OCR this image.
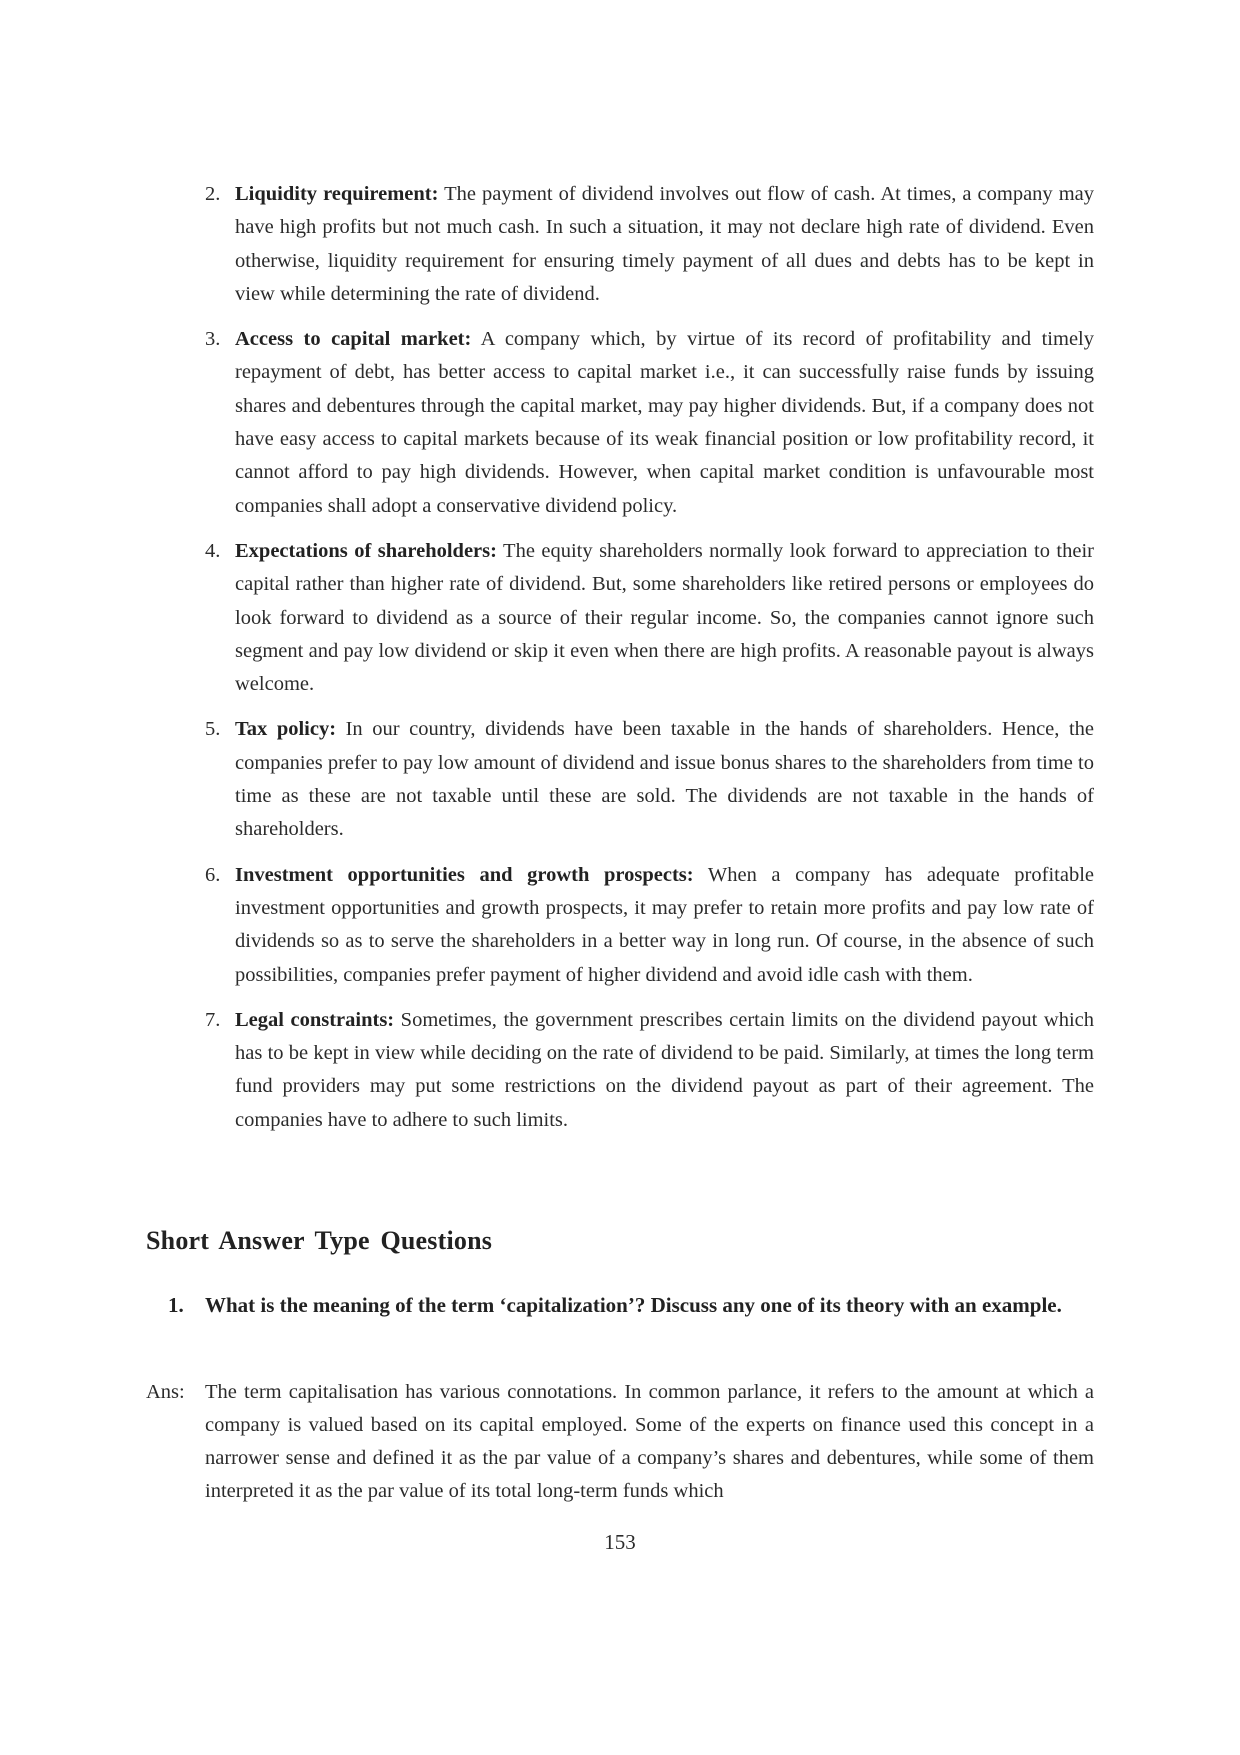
2. Liquidity requirement: The payment of dividend involves out flow of cash. At times, a company may have high profits but not much cash. In such a situation, it may not declare high rate of dividend. Even otherwise, liquidity requirement for ensuring timely payment of all dues and debts has to be kept in view while determining the rate of dividend.
3. Access to capital market: A company which, by virtue of its record of profitability and timely repayment of debt, has better access to capital market i.e., it can successfully raise funds by issuing shares and debentures through the capital market, may pay higher dividends. But, if a company does not have easy access to capital markets because of its weak financial position or low profitability record, it cannot afford to pay high dividends. However, when capital market condition is unfavourable most companies shall adopt a conservative dividend policy.
4. Expectations of shareholders: The equity shareholders normally look forward to appreciation to their capital rather than higher rate of dividend. But, some shareholders like retired persons or employees do look forward to dividend as a source of their regular income. So, the companies cannot ignore such segment and pay low dividend or skip it even when there are high profits. A reasonable payout is always welcome.
5. Tax policy: In our country, dividends have been taxable in the hands of shareholders. Hence, the companies prefer to pay low amount of dividend and issue bonus shares to the shareholders from time to time as these are not taxable until these are sold. The dividends are not taxable in the hands of shareholders.
6. Investment opportunities and growth prospects: When a company has adequate profitable investment opportunities and growth prospects, it may prefer to retain more profits and pay low rate of dividends so as to serve the shareholders in a better way in long run. Of course, in the absence of such possibilities, companies prefer payment of higher dividend and avoid idle cash with them.
7. Legal constraints: Sometimes, the government prescribes certain limits on the dividend payout which has to be kept in view while deciding on the rate of dividend to be paid. Similarly, at times the long term fund providers may put some restrictions on the dividend payout as part of their agreement. The companies have to adhere to such limits.
Short Answer Type Questions

1.	What is the meaning of the term ‘capitalization’? Discuss any one of its theory with an example.

Ans: The term capitalisation has various connotations. In common parlance, it refers to the amount at which a company is valued based on its capital employed. Some of the experts on finance used this concept in a narrower sense and defined it as the par value of a company’s shares and debentures, while some of them interpreted it as the par value of its total long-term funds which

153
